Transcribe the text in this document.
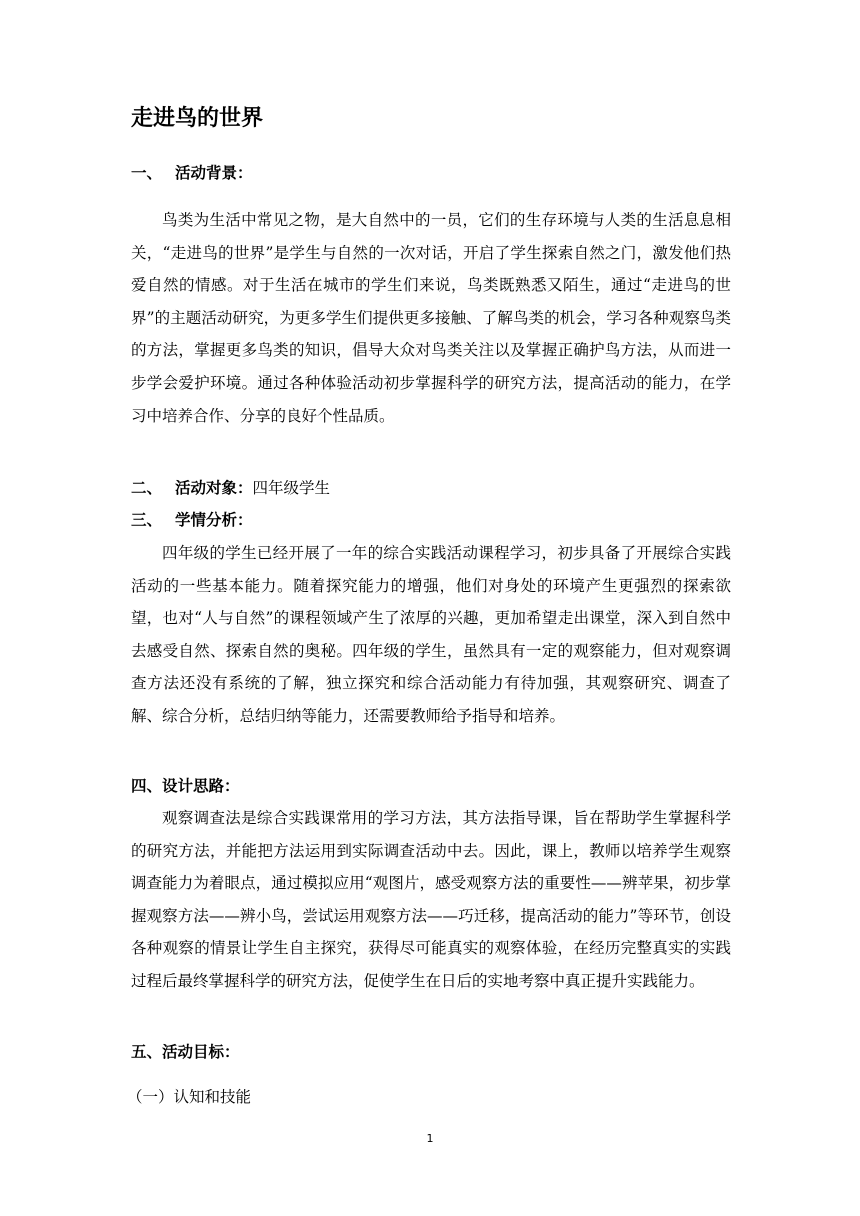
走进鸟的世界
一、 活动背景：
鸟类为生活中常见之物，是大自然中的一员，它们的生存环境与人类的生活息息相关，“走进鸟的世界”是学生与自然的一次对话，开启了学生探索自然之门，激发他们热爱自然的情感。对于生活在城市的学生们来说，鸟类既熟悉又陌生，通过“走进鸟的世界”的主题活动研究，为更多学生们提供更多接触、了解鸟类的机会，学习各种观察鸟类的方法，掌握更多鸟类的知识，倡导大众对鸟类关注以及掌握正确护鸟方法，从而进一步学会爱护环境。通过各种体验活动初步掌握科学的研究方法，提高活动的能力，在学习中培养合作、分享的良好个性品质。
二、 活动对象：四年级学生
三、 学情分析：
四年级的学生已经开展了一年的综合实践活动课程学习，初步具备了开展综合实践活动的一些基本能力。随着探究能力的增强，他们对身处的环境产生更强烈的探索欲望，也对“人与自然”的课程领域产生了浓厚的兴趣，更加希望走出课堂，深入到自然中去感受自然、探索自然的奥秘。四年级的学生，虽然具有一定的观察能力，但对观察调查方法还没有系统的了解，独立探究和综合活动能力有待加强，其观察研究、调查了解、综合分析，总结归纳等能力，还需要教师给予指导和培养。
四、设计思路：
观察调查法是综合实践课常用的学习方法，其方法指导课，旨在帮助学生掌握科学的研究方法，并能把方法运用到实际调查活动中去。因此，课上，教师以培养学生观察调查能力为着眼点，通过模拟应用“观图片，感受观察方法的重要性——辨苹果，初步掌握观察方法——辨小鸟，尝试运用观察方法——巧迁移，提高活动的能力”等环节，创设各种观察的情景让学生自主探究，获得尽可能真实的观察体验，在经历完整真实的实践过程后最终掌握科学的研究方法，促使学生在日后的实地考察中真正提升实践能力。
五、活动目标：
（一）认知和技能
1
